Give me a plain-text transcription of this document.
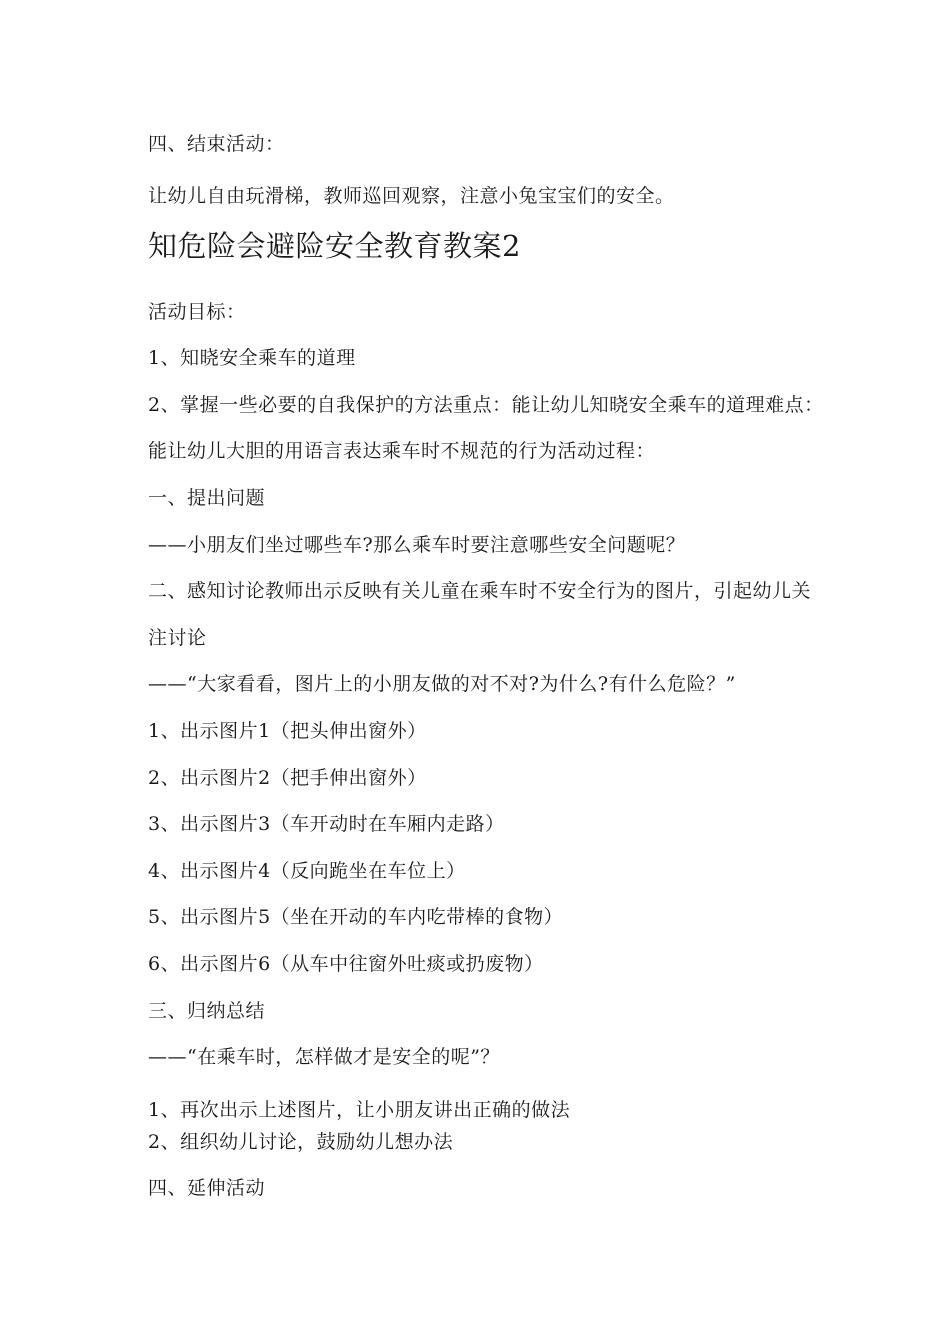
四、结束活动：
让幼儿自由玩滑梯，教师巡回观察，注意小兔宝宝们的安全。
知危险会避险安全教育教案2
活动目标：
1、知晓安全乘车的道理
2、掌握一些必要的自我保护的方法重点：能让幼儿知晓安全乘车的道理难点：
能让幼儿大胆的用语言表达乘车时不规范的行为活动过程：
一、提出问题
——小朋友们坐过哪些车?那么乘车时要注意哪些安全问题呢？
二、感知讨论教师出示反映有关儿童在乘车时不安全行为的图片，引起幼儿关
注讨论
——“大家看看，图片上的小朋友做的对不对?为什么?有什么危险？”
1、出示图片1（把头伸出窗外）
2、出示图片2（把手伸出窗外）
3、出示图片3（车开动时在车厢内走路）
4、出示图片4（反向跪坐在车位上）
5、出示图片5（坐在开动的车内吃带棒的食物）
6、出示图片6（从车中往窗外吐痰或扔废物）
三、归纳总结
——“在乘车时，怎样做才是安全的呢”？
1、再次出示上述图片，让小朋友讲出正确的做法
2、组织幼儿讨论，鼓励幼儿想办法
四、延伸活动
